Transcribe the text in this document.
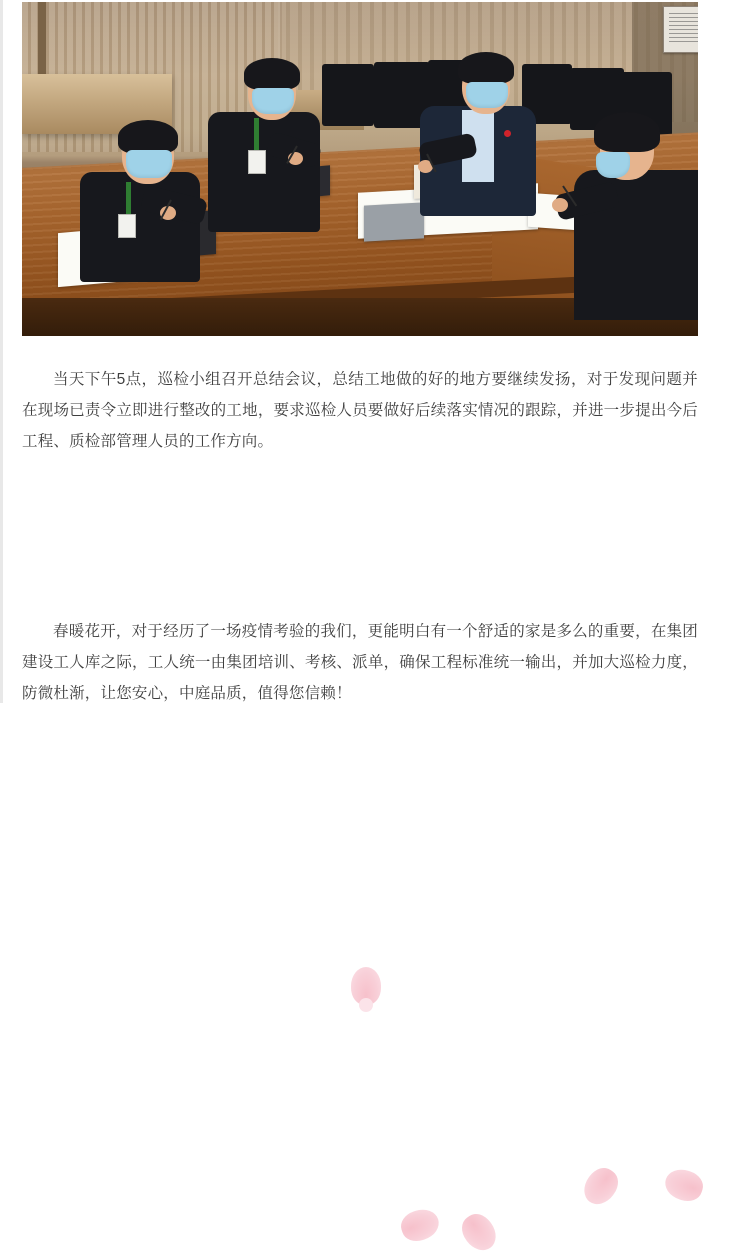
当天下午5点，巡检小组召开总结会议，总结工地做的好的地方要继续发扬，对于发现问题并在现场已责令立即进行整改的工地，要求巡检人员要做好后续落实情况的跟踪，并进一步提出今后工程、质检部管理人员的工作方向。

春暖花开，对于经历了一场疫情考验的我们，更能明白有一个舒适的家是多么的重要，在集团建设工人库之际，工人统一由集团培训、考核、派单，确保工程标准统一输出，并加大巡检力度，防微杜渐，让您安心，中庭品质，值得您信赖！
